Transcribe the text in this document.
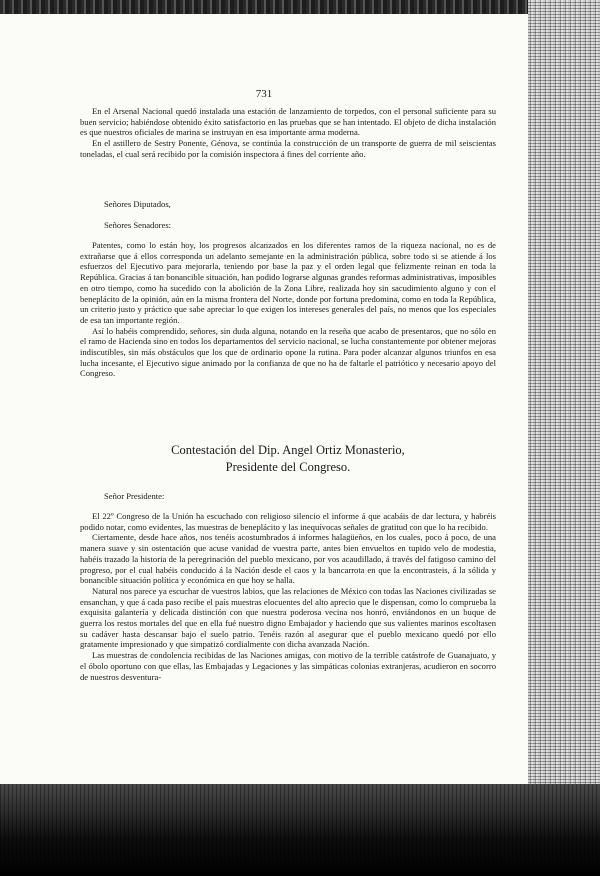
731

En el Arsenal Nacional quedó instalada una estación de lanzamiento de torpedos, con el personal suficiente para su buen servicio; habiéndose obtenido éxito satisfactorio en las pruebas que se han intentado. El objeto de dicha instalación es que nuestros oficiales de marina se instruyan en esa importante arma moderna.

En el astillero de Sestry Ponente, Génova, se continúa la construcción de un transporte de guerra de mil seiscientas toneladas, el cual será recibido por la comisión inspectora á fines del corriente año.

Señores Diputados,

Señores Senadores:

Patentes, como lo están hoy, los progresos alcanzados en los diferentes ramos de la riqueza nacional, no es de extrañarse que á ellos corresponda un adelanto semejante en la administración pública, sobre todo si se atiende á los esfuerzos del Ejecutivo para mejorarla, teniendo por base la paz y el orden legal que felizmente reinan en toda la República. Gracias á tan bonancible situación, han podido lograrse algunas grandes reformas administrativas, imposibles en otro tiempo, como ha sucedido con la abolición de la Zona Libre, realizada hoy sin sacudimiento alguno y con el beneplácito de la opinión, aún en la misma frontera del Norte, donde por fortuna predomina, como en toda la República, un criterio justo y práctico que sabe apreciar lo que exigen los intereses generales del país, no menos que los especiales de esa tan importante región.

Así lo habéis comprendido, señores, sin duda alguna, notando en la reseña que acabo de presentaros, que no sólo en el ramo de Hacienda sino en todos los departamentos del servicio nacional, se lucha constantemente por obtener mejoras indiscutibles, sin más obstáculos que los que de ordinario opone la rutina. Para poder alcanzar algunos triunfos en esa lucha incesante, el Ejecutivo sigue animado por la confianza de que no ha de faltarle el patriótico y necesario apoyo del Congreso.

Contestación del Dip. Angel Ortiz Monasterio,
Presidente del Congreso.

Señor Presidente:

El 22º Congreso de la Unión ha escuchado con religioso silencio el informe á que acabáis de dar lectura, y habréis podido notar, como evidentes, las muestras de beneplácito y las inequívocas señales de gratitud con que lo ha recibido.

Ciertamente, desde hace años, nos tenéis acostumbrados á informes halagüeños, en los cuales, poco á poco, de una manera suave y sin ostentación que acuse vanidad de vuestra parte, antes bien envueltos en tupido velo de modestia, habéis trazado la historia de la peregrinación del pueblo mexicano, por vos acaudillado, á través del fatigoso camino del progreso, por el cual habéis conducido á la Nación desde el caos y la bancarrota en que la encontrasteis, á la sólida y bonancible situación política y económica en que hoy se halla.

Natural nos parece ya escuchar de vuestros labios, que las relaciones de México con todas las Naciones civilizadas se ensanchan, y que á cada paso recibe el país muestras elocuentes del alto aprecio que le dispensan, como lo comprueba la exquisita galantería y delicada distinción con que nuestra poderosa vecina nos honró, enviándonos en un buque de guerra los restos mortales del que en ella fué nuestro digno Embajador y haciendo que sus valientes marinos escoltasen su cadáver hasta descansar bajo el suelo patrio. Tenéis razón al asegurar que el pueblo mexicano quedó por ello gratamente impresionado y que simpatizó cordialmente con dicha avanzada Nación.

Las muestras de condolencia recibidas de las Naciones amigas, con motivo de la terrible catástrofe de Guanajuato, y el óbolo oportuno con que ellas, las Embajadas y Legaciones y las simpáticas colonias extranjeras, acudieron en socorro de nuestros desventura-
